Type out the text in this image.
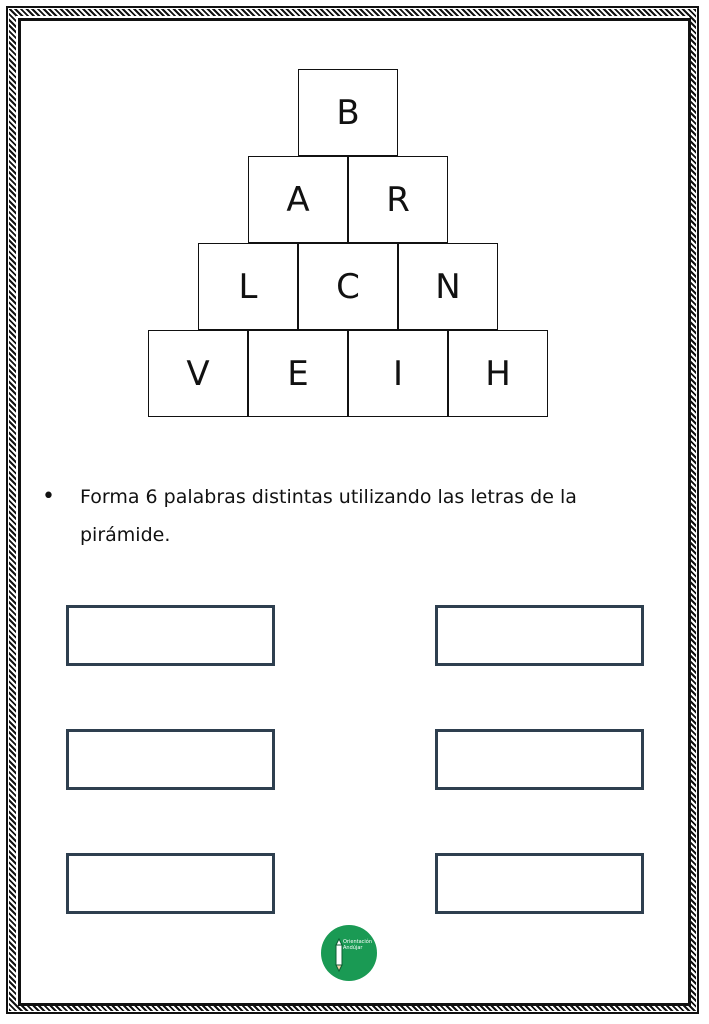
B
A	R
L	C	N
V	E	I	H
•	Forma 6 palabras distintas utilizando las letras de la pirámide.
Orientación
Andújar
